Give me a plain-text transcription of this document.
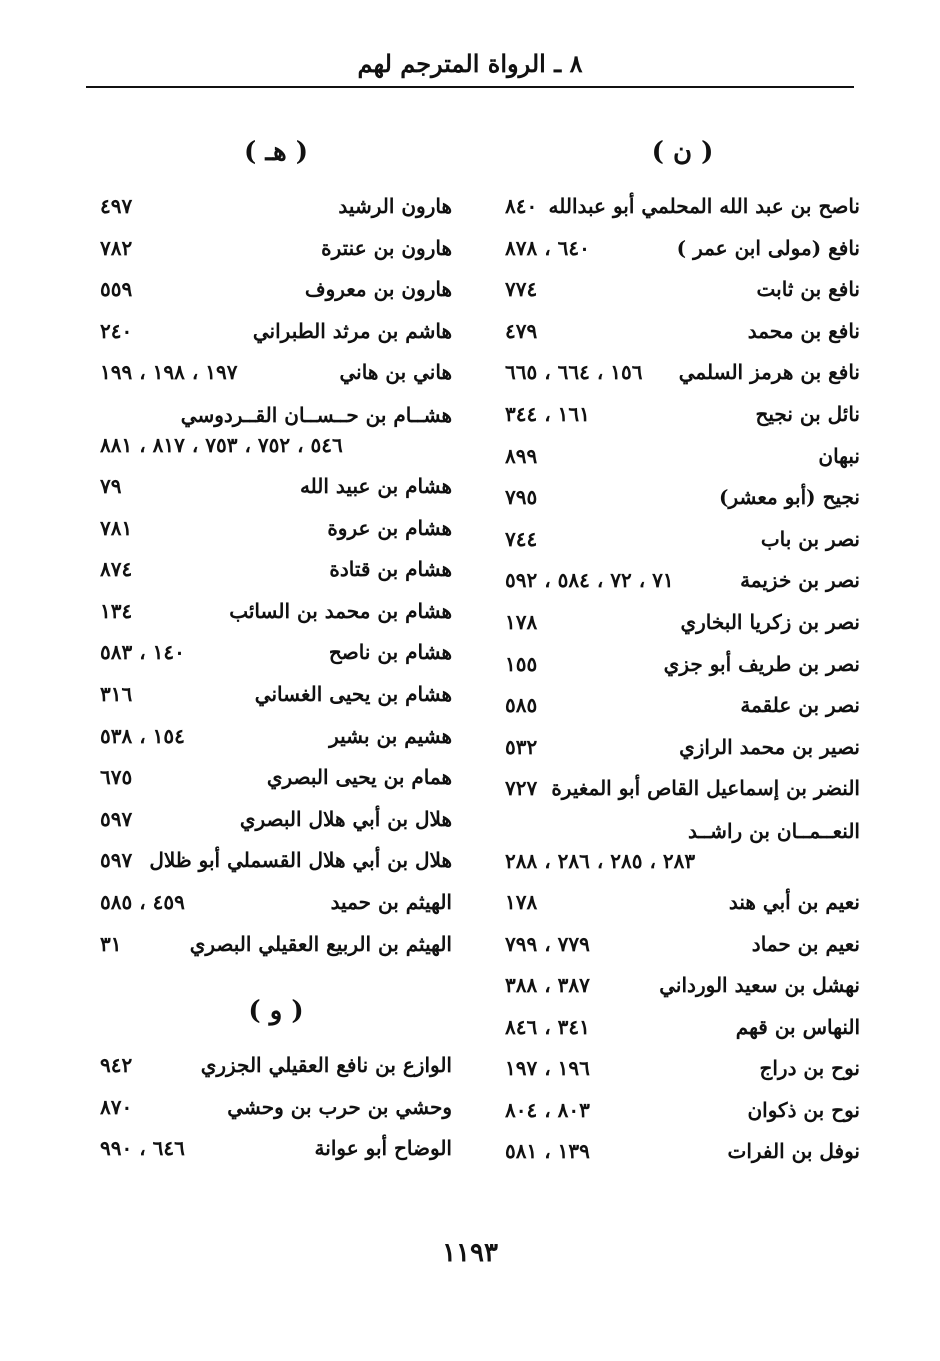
٨ ـ الرواة المترجم لهم
( ن )
ناصح بن عبد الله المحلمي أبو عبدالله
٨٤٠
نافع (مولى ابن عمر )
٦٤٠ ، ٨٧٨
نافع بن ثابت
٧٧٤
نافع بن محمد
٤٧٩
نافع بن هرمز السلمي
١٥٦ ، ٦٦٤ ، ٦٦٥
نائل بن نجيح
١٦١ ، ٣٤٤
نبهان
٨٩٩
نجيح (أبو معشر)
٧٩٥
نصر بن باب
٧٤٤
نصر بن خزيمة
٧١ ، ٧٢ ، ٥٨٤ ، ٥٩٢
نصر بن زكريا البخاري
١٧٨
نصر بن طريف أبو جزي
١٥٥
نصر بن علقمة
٥٨٥
نصير بن محمد الرازي
٥٣٢
النضر بن إسماعيل القاص أبو المغيرة
٧٢٧
النعــمــان بن راشــد
٢٨٣ ، ٢٨٥ ، ٢٨٦ ، ٢٨٨
نعيم بن أبي هند
١٧٨
نعيم بن حماد
٧٧٩ ، ٧٩٩
نهشل بن سعيد الورداني
٣٨٧ ، ٣٨٨
النهاس بن قهم
٣٤١ ، ٨٤٦
نوح بن دراج
١٩٦ ، ١٩٧
نوح بن ذكوان
٨٠٣ ، ٨٠٤
نوفل بن الفرات
١٣٩ ، ٥٨١
( هـ )
هارون الرشيد
٤٩٧
هارون بن عنترة
٧٨٢
هارون بن معروف
٥٥٩
هاشم بن مرثد الطبراني
٢٤٠
هاني بن هاني
١٩٧ ، ١٩٨ ، ١٩٩
هشــام بن حــســان القــردوسي
٥٤٦ ، ٧٥٢ ، ٧٥٣ ، ٨١٧ ، ٨٨١
هشام بن عبيد الله
٧٩
هشام بن عروة
٧٨١
هشام بن قتادة
٨٧٤
هشام بن محمد بن السائب
١٣٤
هشام بن ناصح
١٤٠ ، ٥٨٣
هشام بن يحيى الغساني
٣١٦
هشيم بن بشير
١٥٤ ، ٥٣٨
همام بن يحيى البصري
٦٧٥
هلال بن أبي هلال البصري
٥٩٧
هلال بن أبي هلال القسملي أبو ظلال
٥٩٧
الهيثم بن حميد
٤٥٩ ، ٥٨٥
الهيثم بن الربيع العقيلي البصري
٣١
( و )
الوازع بن نافع العقيلي الجزري
٩٤٢
وحشي بن حرب بن وحشي
٨٧٠
الوضاح أبو عوانة
٦٤٦ ، ٩٩٠
١١٩٣
